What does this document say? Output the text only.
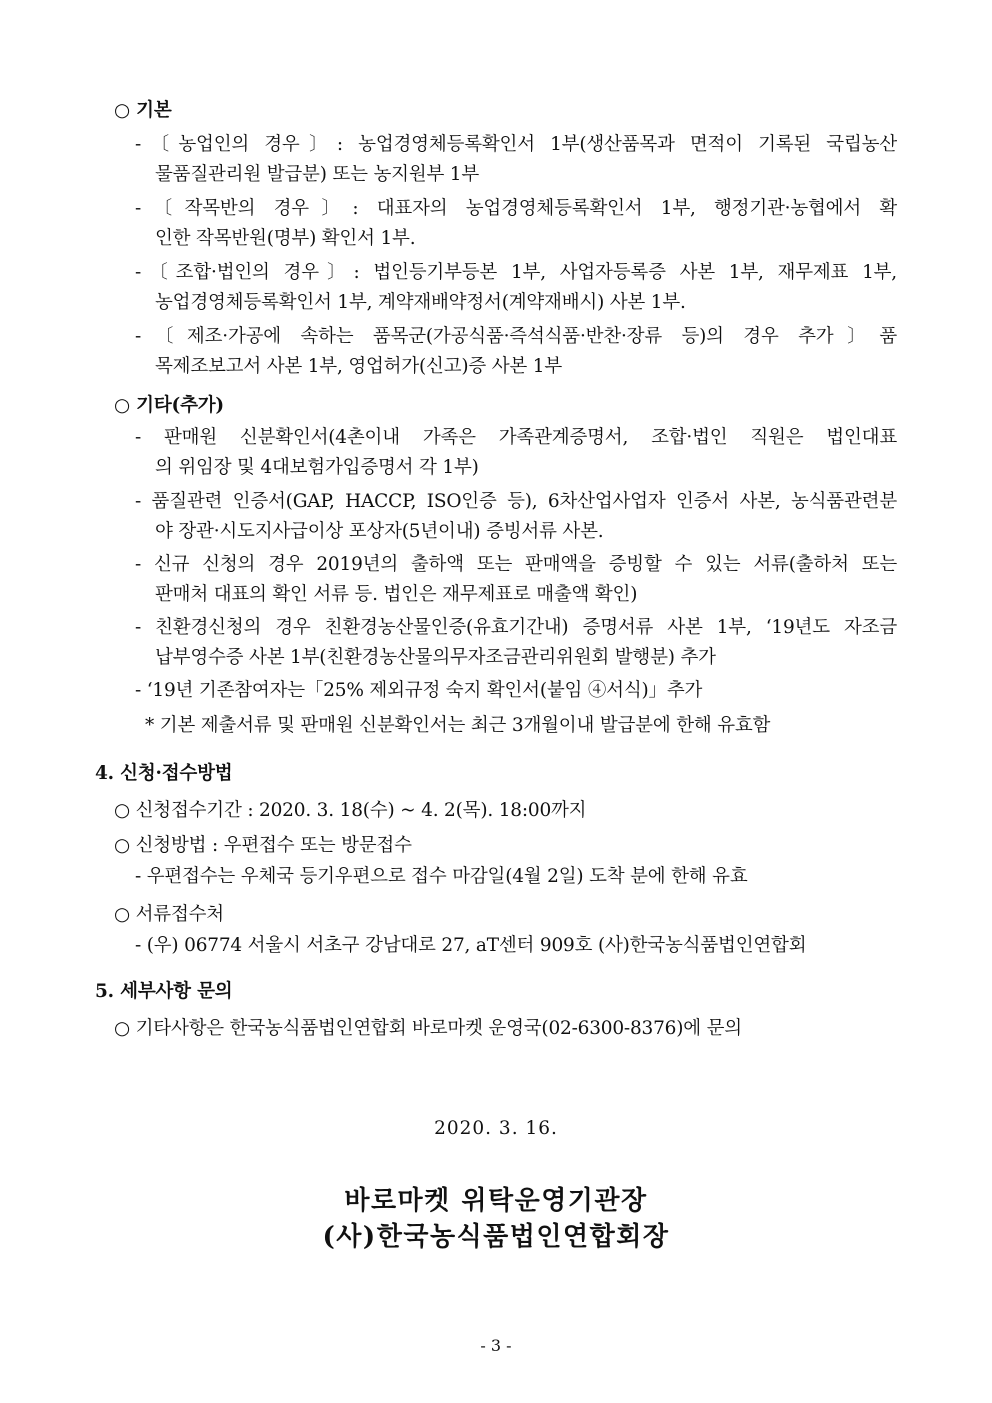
○ 기본
-〔농업인의 경우〕: 농업경영체등록확인서 1부(생산품목과 면적이 기록된 국립농산
물품질관리원 발급분) 또는 농지원부 1부
-〔작목반의 경우〕: 대표자의 농업경영체등록확인서 1부, 행정기관·농협에서 확
인한 작목반원(명부) 확인서 1부.
-〔조합·법인의 경우〕: 법인등기부등본 1부, 사업자등록증 사본 1부, 재무제표 1부,
농업경영체등록확인서 1부, 계약재배약정서(계약재배시) 사본 1부.
-〔제조·가공에 속하는 품목군(가공식품·즉석식품·반찬·장류 등)의 경우 추가〕품
목제조보고서 사본 1부, 영업허가(신고)증 사본 1부
○ 기타(추가)
- 판매원 신분확인서(4촌이내 가족은 가족관계증명서, 조합·법인 직원은 법인대표
의 위임장 및 4대보험가입증명서 각 1부)
- 품질관련 인증서(GAP, HACCP, ISO인증 등), 6차산업사업자 인증서 사본, 농식품관련분
야 장관·시도지사급이상 포상자(5년이내) 증빙서류 사본.
- 신규 신청의 경우 2019년의 출하액 또는 판매액을 증빙할 수 있는 서류(출하처 또는
판매처 대표의 확인 서류 등. 법인은 재무제표로 매출액 확인)
- 친환경신청의 경우 친환경농산물인증(유효기간내) 증명서류 사본 1부, ‘19년도 자조금
납부영수증 사본 1부(친환경농산물의무자조금관리위원회 발행분) 추가
- ‘19년 기존참여자는「25% 제외규정 숙지 확인서(붙임 ④서식)」추가
* 기본 제출서류 및 판매원 신분확인서는 최근 3개월이내 발급분에 한해 유효함
4. 신청·접수방법
○ 신청접수기간 : 2020. 3. 18(수) ~ 4. 2(목). 18:00까지
○ 신청방법 : 우편접수 또는 방문접수
- 우편접수는 우체국 등기우편으로 접수 마감일(4월 2일) 도착 분에 한해 유효
○ 서류접수처
- (우) 06774 서울시 서초구 강남대로 27, aT센터 909호 (사)한국농식품법인연합회
5. 세부사항 문의
○ 기타사항은 한국농식품법인연합회 바로마켓 운영국(02-6300-8376)에 문의
2020. 3. 16.
바로마켓 위탁운영기관장
(사)한국농식품법인연합회장
- 3 -
